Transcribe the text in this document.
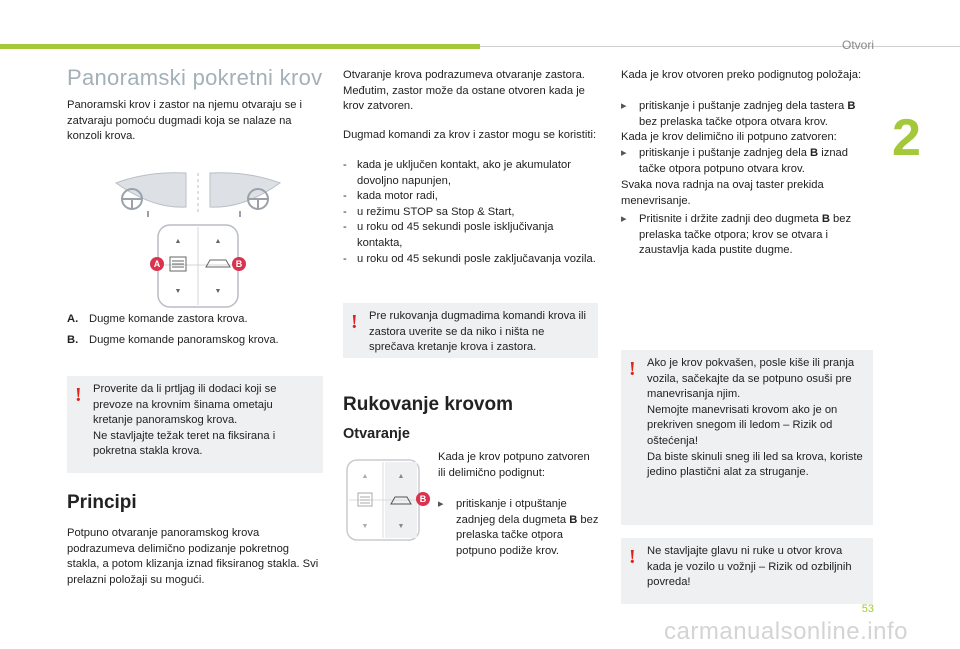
Otvori
2
Panoramski pokretni krov
Panoramski krov i zastor na njemu otvaraju se i zatvaraju pomoću dugmadi koja se nalaze na konzoli krova.
▲	▲
▼	▼
A	B
A. Dugme komande zastora krova.
B. Dugme komande panoramskog krova.
! Proverite da li prtljag ili dodaci koji se prevoze na krovnim šinama ometaju kretanje panoramskog krova.
Ne stavljajte težak teret na fiksirana i pokretna stakla krova.
Principi
Potpuno otvaranje panoramskog krova podrazumeva delimično podizanje pokretnog stakla, a potom klizanja iznad fiksiranog stakla. Svi prelazni položaji su mogući.
Otvaranje krova podrazumeva otvaranje zastora. Međutim, zastor može da ostane otvoren kada je krov zatvoren.
Dugmad komandi za krov i zastor mogu se koristiti:
- kada je uključen kontakt, ako je akumulator dovoljno napunjen,
- kada motor radi,
- u režimu STOP sa Stop & Start,
- u roku od 45 sekundi posle isključivanja kontakta,
- u roku od 45 sekundi posle zaključavanja vozila.
! Pre rukovanja dugmadima komandi krova ili zastora uverite se da niko i ništa ne sprečava kretanje krova i zastora.
Rukovanje krovom
Otvaranje
▲	▲
▼	▼
B
Kada je krov potpuno zatvoren ili delimično podignut:
▸	pritiskanje i otpuštanje zadnjeg dela dugmeta B bez prelaska tačke otpora potpuno podiže krov.
Kada je krov otvoren preko podignutog položaja:
▸	pritiskanje i puštanje zadnjeg dela tastera B bez prelaska tačke otpora otvara krov.
Kada je krov delimično ili potpuno zatvoren:
▸	pritiskanje i puštanje zadnjeg dela B iznad tačke otpora potpuno otvara krov.
Svaka nova radnja na ovaj taster prekida menevrisanje.
▸	Pritisnite i držite zadnji deo dugmeta B bez prelaska tačke otpora; krov se otvara i zaustavlja kada pustite dugme.
! Ako je krov pokvašen, posle kiše ili pranja vozila, sačekajte da se potpuno osuši pre manevrisanja njim.
Nemojte manevrisati krovom ako je on prekriven snegom ili ledom – Rizik od oštećenja!
Da biste skinuli sneg ili led sa krova, koriste jedino plastični alat za struganje.
! Ne stavljajte glavu ni ruke u otvor krova kada je vozilo u vožnji – Rizik od ozbiljnih povreda!
53
carmanualsonline.info
